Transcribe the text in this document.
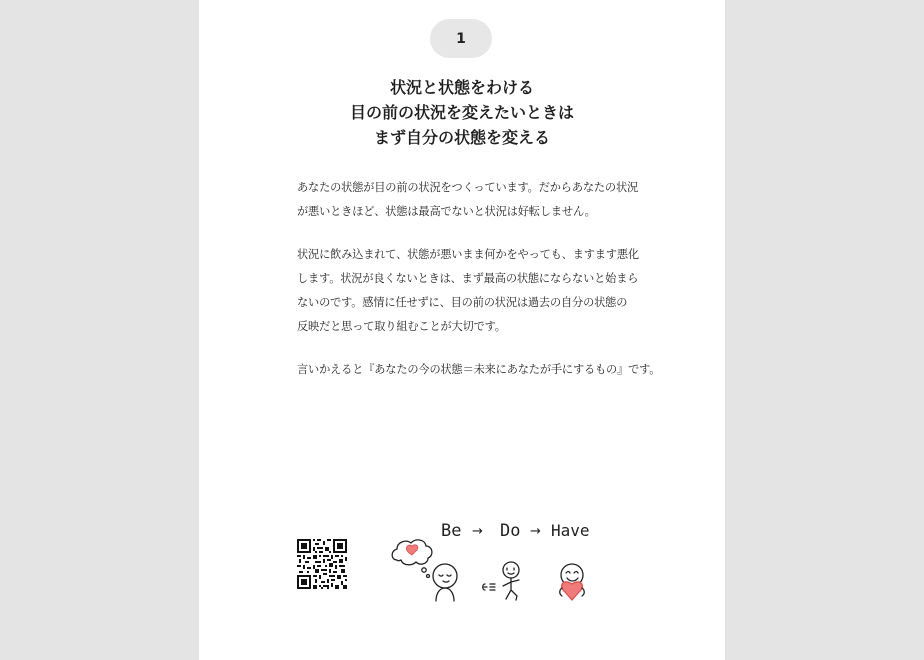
1
状況と状態をわける
目の前の状況を変えたいときは
まず自分の状態を変える

あなたの状態が目の前の状況をつくっています。だからあなたの状況
が悪いときほど、状態は最高でないと状況は好転しません。

状況に飲み込まれて、状態が悪いまま何かをやっても、ますます悪化
します。状況が良くないときは、まず最高の状態にならないと始まら
ないのです。感情に任せずに、目の前の状況は過去の自分の状態の
反映だと思って取り組むことが大切です。

言いかえると『あなたの今の状態＝未来にあなたが手にするもの』です。

Be → Do → Have
